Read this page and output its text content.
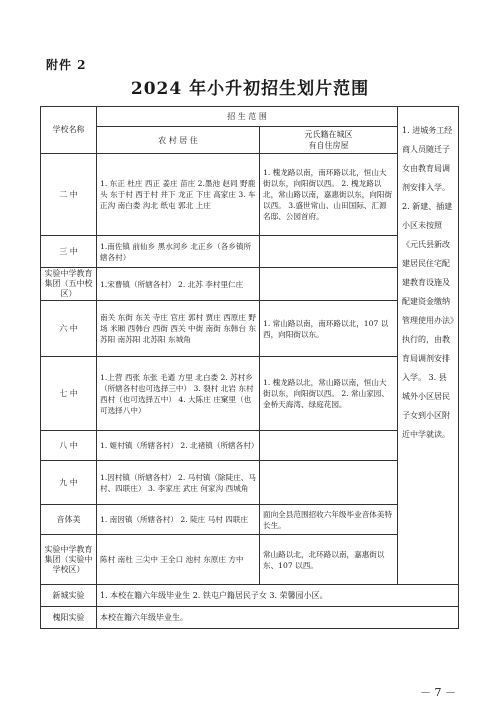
附件 2
2024 年小升初招生划片范围
学校名称	招 生 范 围		1. 进城务工经商人员随迁子女由教育局调剂安排入学。 2. 新建、插建小区未按照《元氏县新改建居民住宅配建教育设施及配建资金缴纳管理使用办法》执行的，由教育局调剂安排入学。 3. 县城外小区居民子女到小区附近中学就读。
	农 村 居 住	元氏籍在城区
有自住房屋	

二 中	1. 东正 杜庄 西正 姜庄 苗庄 2.墨池 赵同 野鹿头 东于村 西于村 井下 龙正 下庄 高家庄 3. 车正沟 南白娄 沟北 纸屯 郭北 上庄	1. 槐龙路以南，南环路以北，恒山大街以东，向阳街以西。 2. 槐龙路以北，常山路以南，嘉惠街以东，向阳街以西。 3.盛世常山、山田国际、汇源名邸、公园首府。	
三 中	1.南佐镇 前仙乡 黑水河乡 北正乡（各乡镇所辖各村）		
实验中学教育集团（五中校区）	1.宋曹镇（所辖各村） 2. 北苏 李村里仁庄		
六 中	南关 东街 东关 寺庄 官庄 郭村 贾庄 西原庄 野场 米厢 西韩台 西街 西关 中街 南街 东韩台 东苏阳 南苏阳 北苏阳 东城角	1. 常山路以南，南环路以北，107 以西，向阳街以东。	
七 中	1.上营 西张 东张 毛遒 方里 北白娄 2. 苏村乡（所辖各村也可选择三中） 3. 裂村 北岩 东村 西村（也可选择五中） 4. 大陈庄 庄窠里（也可选择八中）	1. 槐龙路以北，常山路以南，恒山大街以东，向阳街以西。 2. 常山家园、金桥天海湾、绿庭花园。	
八 中	1. 姬村镇（所辖各村） 2. 北褚镇（所辖各村）		
九 中	1.因村镇（所辖各村） 2. 马村镇（除陡庄、马村、四联庄） 3. 李家庄 武庄 何家沟 西城角		
音体美	1. 南因镇（所辖各村） 2. 陡庄 马村 四联庄	面向全县范围招收六年级毕业音体美特长生。	
实验中学教育集团（实验中学校区）	陈村 南杜 三尖中 王全口 池村 东原庄 方中	常山路以北，北环路以南，嘉惠街以东、107 以西。	
新城实验	1. 本校在籍六年级毕业生 2. 铁屯户籍居民子女 3. 荣馨园小区。		
槐阳实验	本校在籍六年级毕业生。		
－ 7 －
